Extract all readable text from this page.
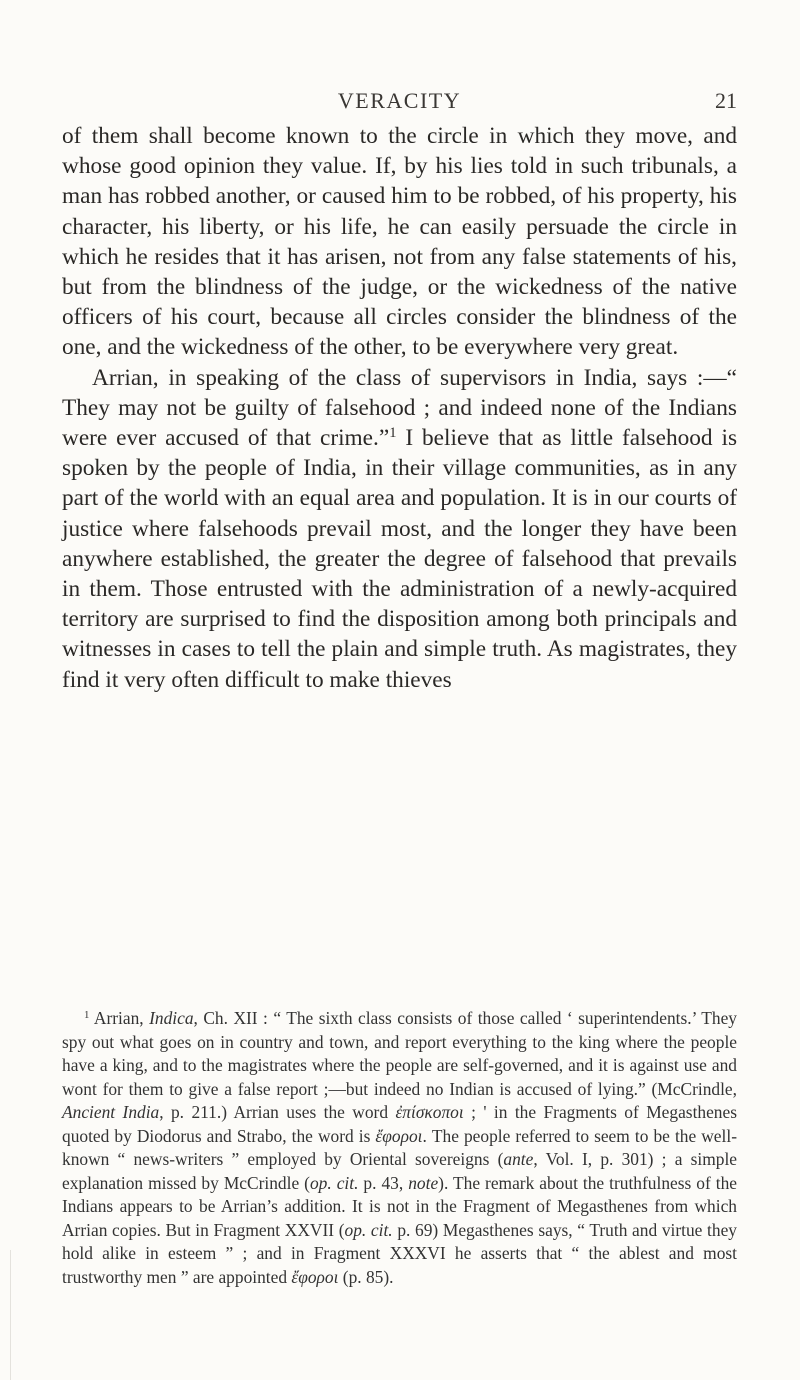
VERACITY	21

of them shall become known to the circle in which they move, and whose good opinion they value. If, by his lies told in such tribunals, a man has robbed another, or caused him to be robbed, of his property, his character, his liberty, or his life, he can easily persuade the circle in which he resides that it has arisen, not from any false statements of his, but from the blindness of the judge, or the wickedness of the native officers of his court, because all circles consider the blindness of the one, and the wickedness of the other, to be everywhere very great.

Arrian, in speaking of the class of supervisors in India, says :—“ They may not be guilty of falsehood ; and indeed none of the Indians were ever accused of that crime.”$^1$ I believe that as little falsehood is spoken by the people of India, in their village communities, as in any part of the world with an equal area and population. It is in our courts of justice where falsehoods prevail most, and the longer they have been anywhere established, the greater the degree of falsehood that prevails in them. Those entrusted with the administration of a newly-acquired territory are surprised to find the disposition among both principals and witnesses in cases to tell the plain and simple truth. As magistrates, they find it very often difficult to make thieves

$^1$ Arrian, Indica, Ch. XII : “ The sixth class consists of those called ‘ superintendents.’ They spy out what goes on in country and town, and report everything to the king where the people have a king, and to the magistrates where the people are self-governed, and it is against use and wont for them to give a false report ;—but indeed no Indian is accused of lying.” (McCrindle, Ancient India, p. 211.) Arrian uses the word ἐπίσκοποι ; ' in the Fragments of Megasthenes quoted by Diodorus and Strabo, the word is ἔφοροι. The people referred to seem to be the well-known “ news-writers ” employed by Oriental sovereigns (ante, Vol. I, p. 301) ; a simple explanation missed by McCrindle (op. cit. p. 43, note). The remark about the truthfulness of the Indians appears to be Arrian’s addition. It is not in the Fragment of Megasthenes from which Arrian copies. But in Fragment XXVII (op. cit. p. 69) Megasthenes says, “ Truth and virtue they hold alike in esteem ” ; and in Fragment XXXVI he asserts that “ the ablest and most trustworthy men ” are appointed ἔφοροι (p. 85).
